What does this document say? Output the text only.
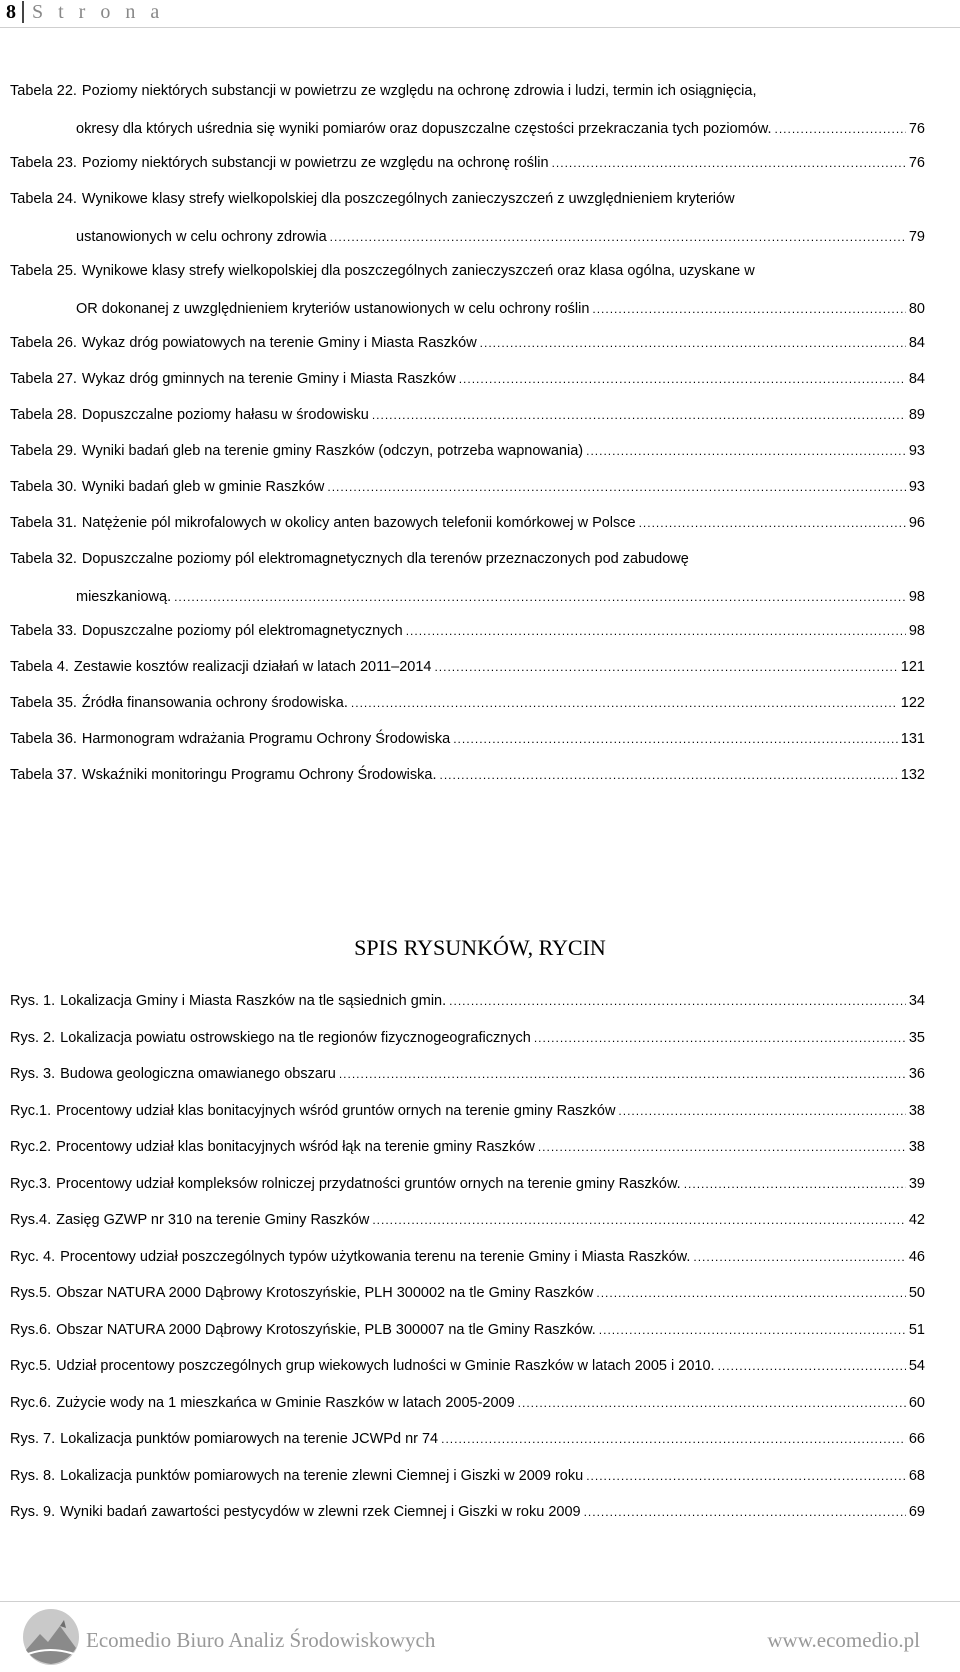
8 S t r o n a
Tabela 22. Poziomy niektórych substancji w powietrzu ze względu na ochronę zdrowia i ludzi, termin ich osiągnięcia,
okresy dla których uśrednia się wyniki pomiarów oraz dopuszczalne częstości przekraczania tych poziomów. .....	76
Tabela 23. Poziomy niektórych substancji w powietrzu ze względu na ochronę roślin .....	76
Tabela 24. Wynikowe klasy strefy wielkopolskiej dla poszczególnych zanieczyszczeń z uwzględnieniem kryteriów
ustanowionych w celu ochrony zdrowia .....	79
Tabela 25. Wynikowe klasy strefy wielkopolskiej dla poszczególnych zanieczyszczeń oraz klasa ogólna, uzyskane w
OR dokonanej z uwzględnieniem kryteriów ustanowionych w celu ochrony roślin .....	80
Tabela 26. Wykaz dróg powiatowych na terenie Gminy i Miasta Raszków .....	84
Tabela 27. Wykaz dróg gminnych na terenie Gminy i Miasta Raszków .....	84
Tabela 28. Dopuszczalne poziomy hałasu w środowisku .....	89
Tabela 29. Wyniki badań gleb na terenie gminy Raszków (odczyn, potrzeba wapnowania) .....	93
Tabela 30. Wyniki badań gleb w gminie Raszków .....	93
Tabela 31. Natężenie pól mikrofalowych w okolicy anten bazowych telefonii komórkowej w Polsce .....	96
Tabela 32. Dopuszczalne poziomy pól elektromagnetycznych dla terenów przeznaczonych pod zabudowę
mieszkaniową. .....	98
Tabela 33. Dopuszczalne poziomy pól elektromagnetycznych .....	98
Tabela 4. Zestawie kosztów realizacji działań w latach 2011–2014 .....	121
Tabela 35. Źródła finansowania ochrony środowiska. .....	122
Tabela 36. Harmonogram wdrażania Programu Ochrony Środowiska .....	131
Tabela 37. Wskaźniki monitoringu Programu Ochrony Środowiska. .....	132
SPIS RYSUNKÓW, RYCIN
Rys. 1. Lokalizacja Gminy i Miasta Raszków na tle sąsiednich gmin. .....	34
Rys. 2. Lokalizacja powiatu ostrowskiego na tle regionów fizycznogeograficznych .....	35
Rys. 3. Budowa geologiczna omawianego obszaru .....	36
Ryc.1. Procentowy udział klas bonitacyjnych wśród gruntów ornych na terenie gminy Raszków .....	38
Ryc.2. Procentowy udział klas bonitacyjnych wśród łąk na terenie gminy Raszków .....	38
Ryc.3. Procentowy udział kompleksów rolniczej przydatności gruntów ornych na terenie gminy Raszków. .....	39
Rys.4. Zasięg GZWP nr 310 na terenie Gminy Raszków .....	42
Ryc. 4. Procentowy udział poszczególnych typów użytkowania terenu na terenie Gminy i Miasta Raszków. .....	46
Rys.5. Obszar NATURA 2000 Dąbrowy Krotoszyńskie, PLH 300002 na tle Gminy Raszków .....	50
Rys.6. Obszar NATURA 2000 Dąbrowy Krotoszyńskie, PLB 300007 na tle Gminy Raszków. .....	51
Ryc.5. Udział procentowy poszczególnych grup wiekowych ludności w Gminie Raszków w latach 2005 i 2010. .....	54
Ryc.6. Zużycie wody na 1 mieszkańca w Gminie Raszków w latach 2005-2009 .....	60
Rys. 7. Lokalizacja punktów pomiarowych na terenie JCWPd nr 74 .....	66
Rys. 8. Lokalizacja punktów pomiarowych na terenie zlewni Ciemnej i Giszki w 2009 roku .....	68
Rys. 9. Wyniki badań zawartości pestycydów w zlewni rzek Ciemnej i Giszki w roku 2009 .....	69
Ecomedio Biuro Analiz Środowiskowych	www.ecomedio.pl
